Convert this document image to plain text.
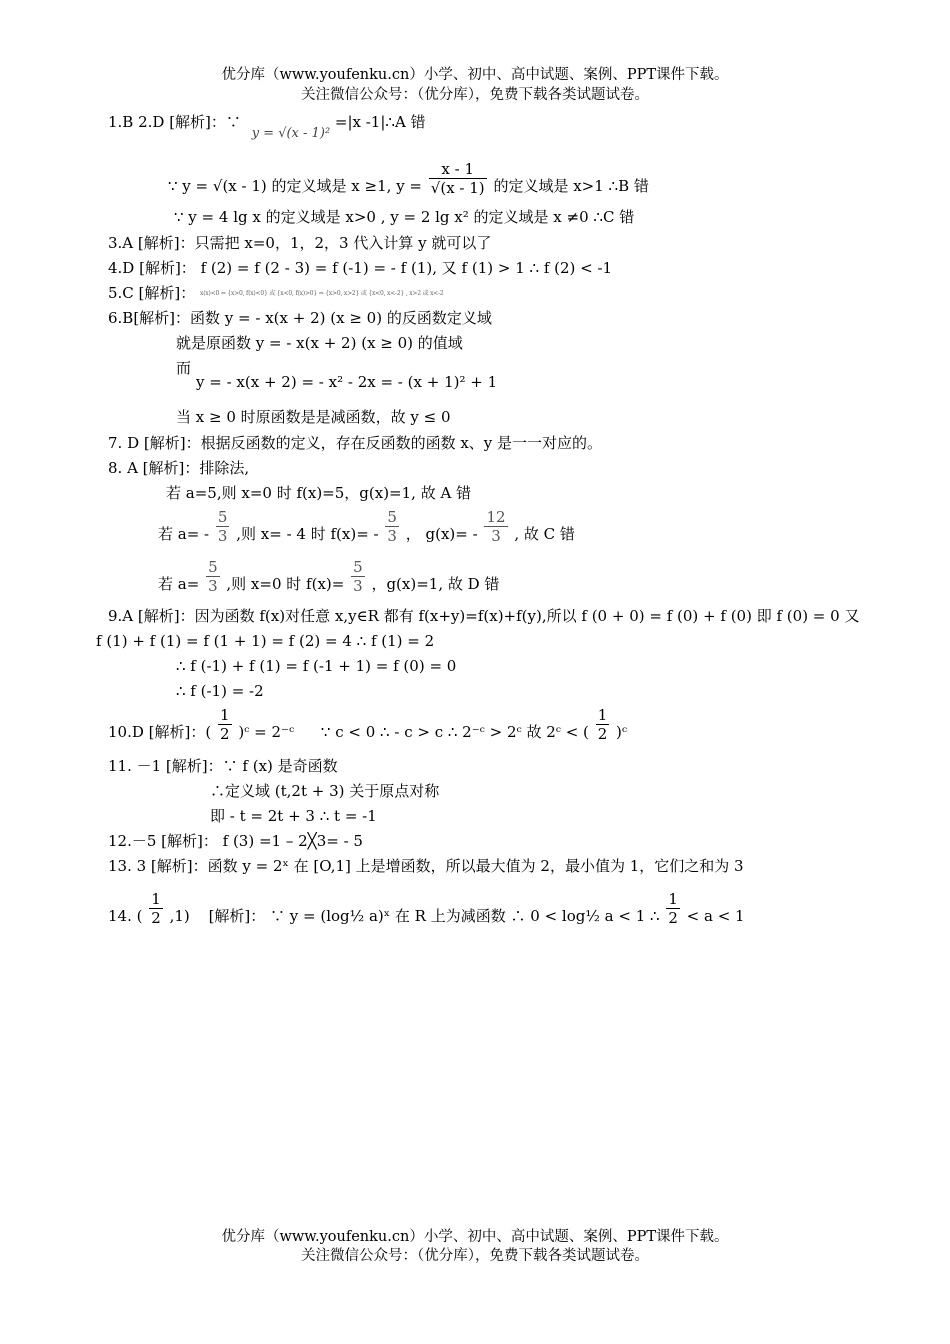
优分库（www.youfenku.cn）小学、初中、高中试题、案例、PPT课件下载。
关注微信公众号：（优分库），免费下载各类试题试卷。
1.B 2.D [解析]：∵ y = √(x - 1)² =|x -1|∴A 错
∵ y = √(x - 1) 的定义域是 x ≥1, $y = \frac{x - 1}{√(x - 1)}$ 的定义域是 x>1 ∴B 错
∵ y = 4 lg x 的定义域是 x>0 , y = 2 lg x² 的定义域是 x ≠0 ∴C 错
3.A [解析]：只需把 x=0，1，2，3 代入计算 y 就可以了
4.D [解析]： f (2) = f (2 - 3) = f (-1) = - f (1), 又 f (1) > 1 ∴ f (2) < -1
5.C [解析]： x(x)<0 ⇔ {x>0, f(x)<0} 或 {x<0, f(x)>0} ⇔ {x>0, x>2} 或 {x<0, x<-2} , x>2 或 x<-2
6.B[解析]：函数 y = - x(x + 2) (x ≥ 0) 的反函数定义域
就是原函数 y = - x(x + 2) (x ≥ 0) 的值域
而
y = - x(x + 2) = - x² - 2x = - (x + 1)² + 1
当 x ≥ 0 时原函数是是减函数，故 y ≤ 0
7. D [解析]：根据反函数的定义，存在反函数的函数 x、y 是一一对应的。
8. A [解析]：排除法,
若 a=5,则 x=0 时 f(x)=5，g(x)=1, 故 A 错
若 $a= - \frac{5}{3}$ ,则 x= - 4 时 $f(x)= - \frac{5}{3}$ ， $g(x)= - \frac{12}{3}$ , 故 C 错
若 $a= \frac{5}{3}$ ,则 x=0 时 $f(x)= \frac{5}{3}$ ，g(x)=1, 故 D 错
9.A [解析]：因为函数 f(x)对任意 x,y∈R 都有 f(x+y)=f(x)+f(y),所以 f (0 + 0) = f (0) + f (0) 即 f (0) = 0 又
f (1) + f (1) = f (1 + 1) = f (2) = 4 ∴ f (1) = 2
∴ f (-1) + f (1) = f (-1 + 1) = f (0) = 0
∴ f (-1) = -2
10.D [解析]：( $\frac{1}{2}$ )ᶜ = 2⁻ᶜ ∵ c < 0 ∴ - c > c ∴ 2⁻ᶜ > 2ᶜ 故 2ᶜ < ( $\frac{1}{2}$ )ᶜ
11. －1 [解析]：∵ f (x) 是奇函数
∴定义域 (t,2t + 3) 关于原点对称
即 - t = 2t + 3 ∴ t = -1
12.－5 [解析]： f (3) =1 – 2╳3= - 5
13. 3 [解析]：函数 y = 2ˣ 在 [O,1] 上是增函数，所以最大值为 2，最小值为 1，它们之和为 3
14. ( $\frac{1}{2} ,1$) [解析]： ∵ y = (log½ a)ˣ 在 R 上为减函数 ∴ 0 < log½ a < 1 ∴ $\frac{1}{2} < a < 1$
优分库（www.youfenku.cn）小学、初中、高中试题、案例、PPT课件下载。
关注微信公众号：（优分库），免费下载各类试题试卷。
